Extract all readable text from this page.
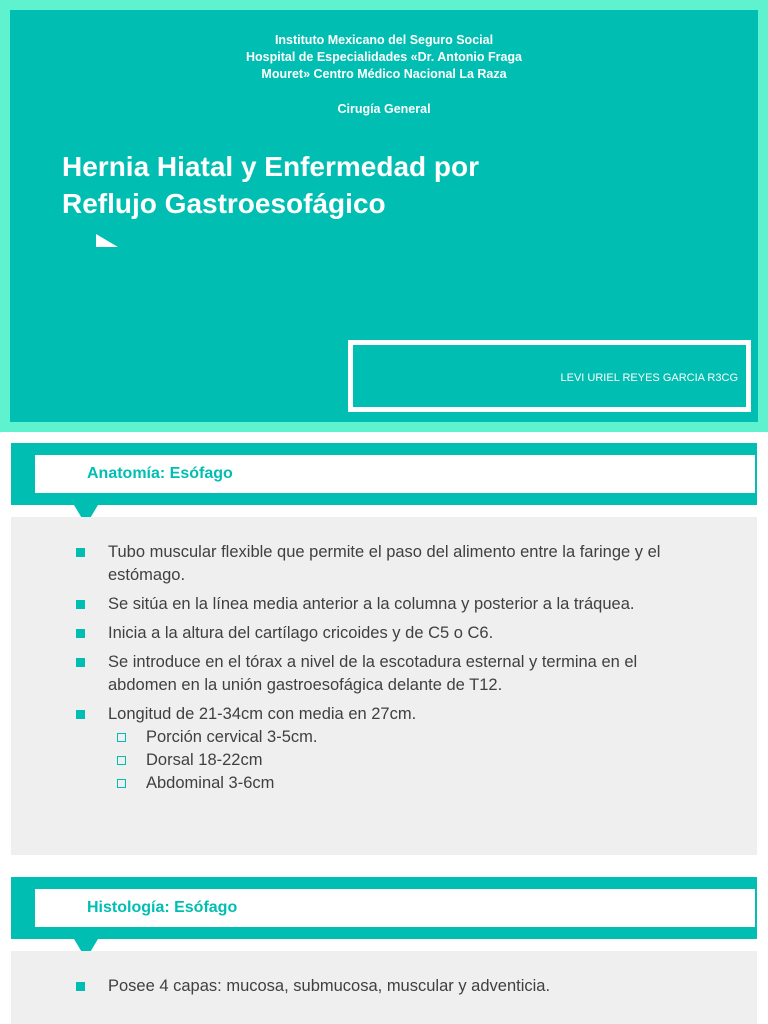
Instituto Mexicano del Seguro Social
Hospital de Especialidades «Dr. Antonio Fraga
Mouret» Centro Médico Nacional La Raza
Cirugía General
Hernia Hiatal y Enfermedad por
Reflujo Gastroesofágico
LEVI URIEL REYES GARCIA R3CG
Anatomía: Esófago
Tubo muscular flexible que permite el paso del alimento entre la faringe y el estómago.
Se sitúa en la línea media anterior a la columna y posterior a la tráquea.
Inicia a la altura del cartílago cricoides y de C5 o C6.
Se introduce en el tórax a nivel de la escotadura esternal y termina en el abdomen en la unión gastroesofágica delante de T12.
Longitud de 21-34cm con media en 27cm.
Porción cervical 3-5cm.
Dorsal 18-22cm
Abdominal 3-6cm
Histología: Esófago
Posee 4 capas: mucosa, submucosa, muscular y adventicia.
